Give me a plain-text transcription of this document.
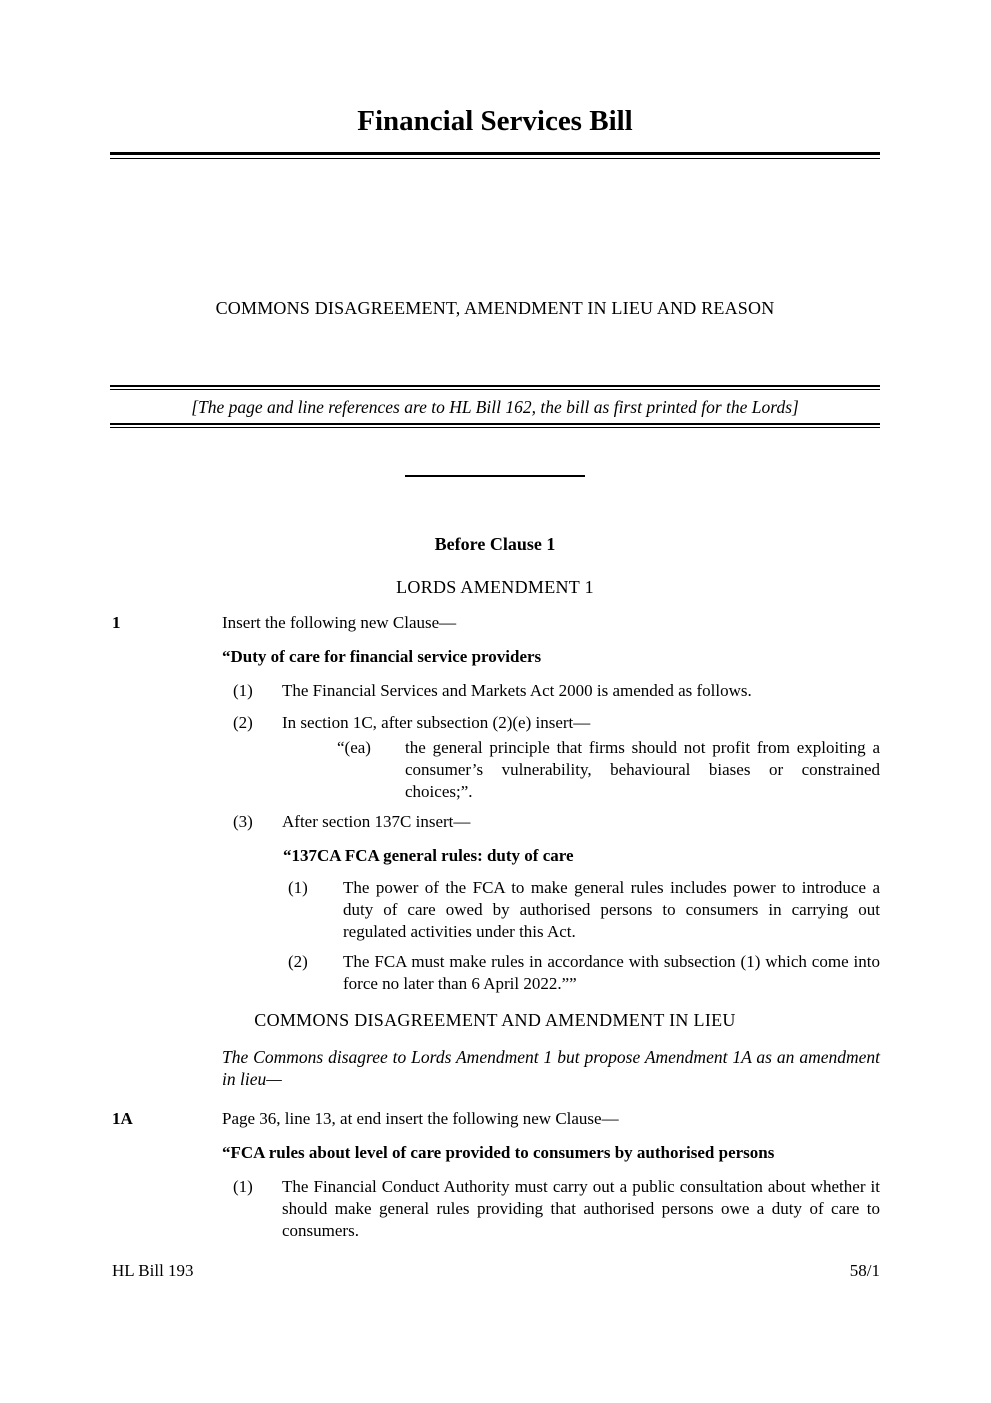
Financial Services Bill
COMMONS DISAGREEMENT, AMENDMENT IN LIEU AND REASON
[The page and line references are to HL Bill 162, the bill as first printed for the Lords]
Before Clause 1
LORDS AMENDMENT 1
1	Insert the following new Clause—
“Duty of care for financial service providers
(1)	The Financial Services and Markets Act 2000 is amended as follows.
(2)	In section 1C, after subsection (2)(e) insert—
“(ea)	the general principle that firms should not profit from exploiting a consumer’s vulnerability, behavioural biases or constrained choices;”.
(3)	After section 137C insert—
“137CA FCA general rules: duty of care
(1)	The power of the FCA to make general rules includes power to introduce a duty of care owed by authorised persons to consumers in carrying out regulated activities under this Act.
(2)	The FCA must make rules in accordance with subsection (1) which come into force no later than 6 April 2022.””
COMMONS DISAGREEMENT AND AMENDMENT IN LIEU
The Commons disagree to Lords Amendment 1 but propose Amendment 1A as an amendment in lieu—
1A	Page 36, line 13, at end insert the following new Clause—
“FCA rules about level of care provided to consumers by authorised persons
(1)	The Financial Conduct Authority must carry out a public consultation about whether it should make general rules providing that authorised persons owe a duty of care to consumers.
HL Bill 193	58/1
